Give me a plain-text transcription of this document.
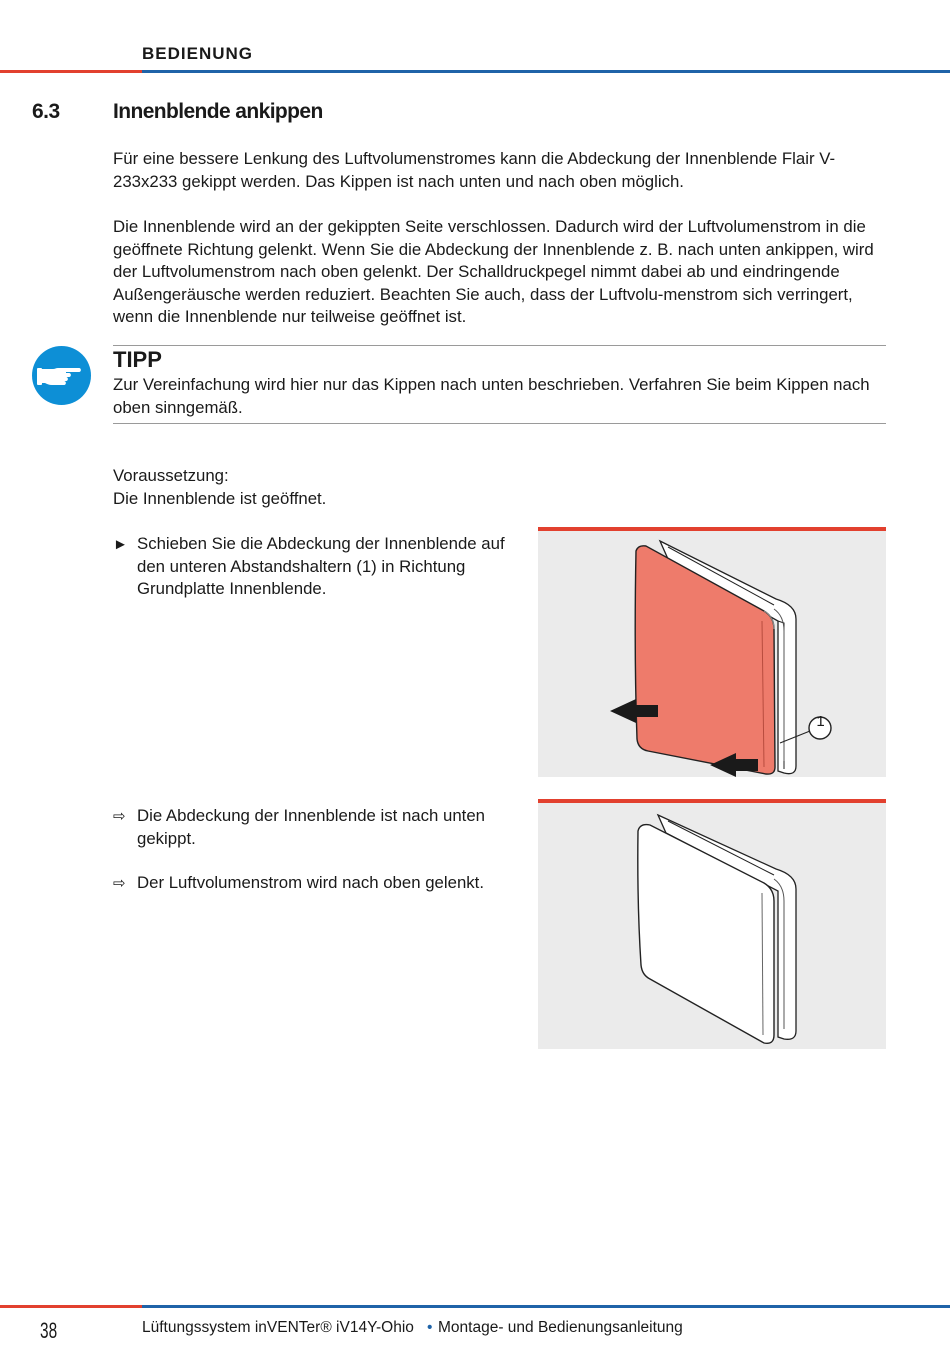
BEDIENUNG
6.3	Innenblende ankippen

Für eine bessere Lenkung des Luftvolumenstromes kann die Abdeckung der Innenblende Flair V-233x233 gekippt werden. Das Kippen ist nach unten und nach oben möglich.

Die Innenblende wird an der gekippten Seite verschlossen. Dadurch wird der Luftvolumenstrom in die geöffnete Richtung gelenkt. Wenn Sie die Abdeckung der Innenblende z. B. nach unten ankippen, wird der Luftvolumenstrom nach oben gelenkt. Der Schalldruckpegel nimmt dabei ab und eindringende Außengeräusche werden reduziert. Beachten Sie auch, dass der Luftvolu-menstrom sich verringert, wenn die Innenblende nur teilweise geöffnet ist.

TIPP

Zur Vereinfachung wird hier nur das Kippen nach unten beschrieben. Verfahren Sie beim Kippen nach oben sinngemäß.

Voraussetzung:

Die Innenblende ist geöffnet.

► Schieben Sie die Abdeckung der Innenblende auf den unteren Abstandshaltern (1) in Richtung Grundplatte Innenblende.
⇨ Die Abdeckung der Innenblende ist nach unten gekippt.
⇨ Der Luftvolumenstrom wird nach oben gelenkt.
1
38	Lüftungssystem inVENTer® iV14Y-Ohio • Montage- und Bedienungsanleitung
